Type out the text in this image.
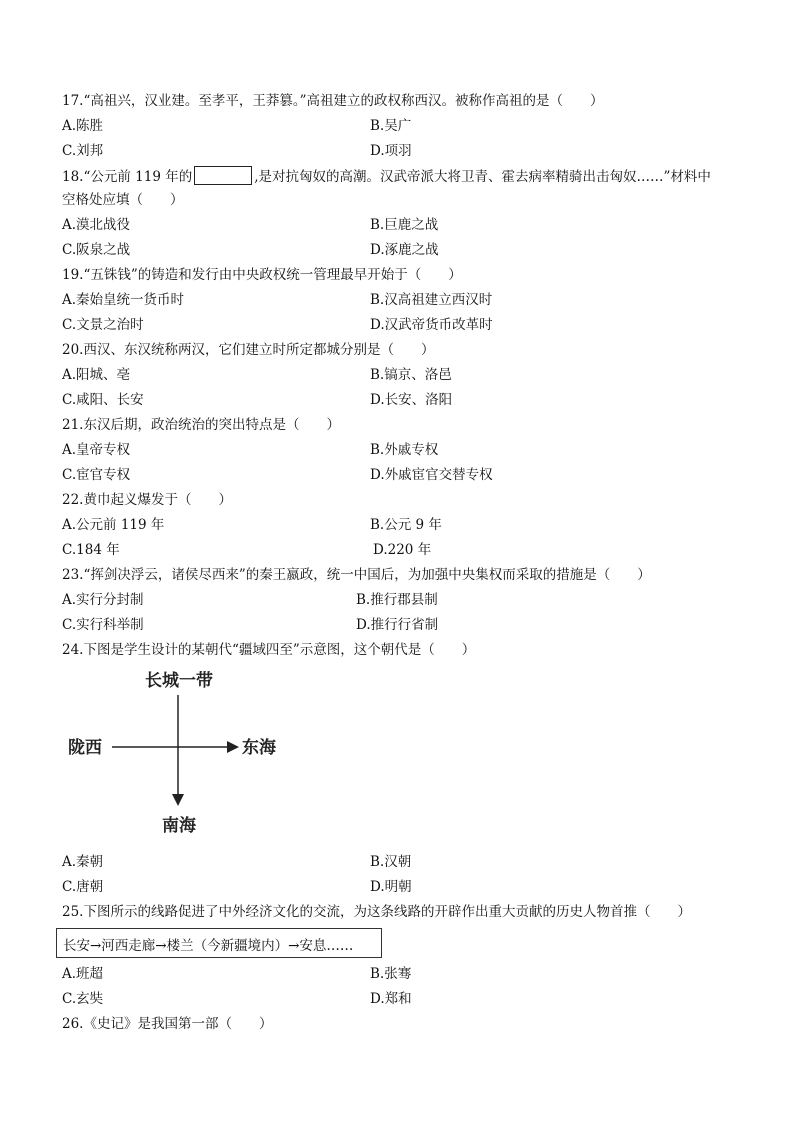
17.“高祖兴，汉业建。至孝平，王莽篡。”高祖建立的政权称西汉。被称作高祖的是（　　）
A.陈胜	B.吴广
C.刘邦	D.项羽
18.“公元前 119 年的	,是对抗匈奴的高潮。汉武帝派大将卫青、霍去病率精骑出击匈奴……”材料中
空格处应填（　　）
A.漠北战役	B.巨鹿之战
C.阪泉之战	D.涿鹿之战
19.“五铢钱”的铸造和发行由中央政权统一管理最早开始于（　　）
A.秦始皇统一货币时	B.汉高祖建立西汉时
C.文景之治时	D.汉武帝货币改革时
20.西汉、东汉统称两汉，它们建立时所定都城分别是（　　）
A.阳城、亳	B.镐京、洛邑
C.咸阳、长安	D.长安、洛阳
21.东汉后期，政治统治的突出特点是（　　）
A.皇帝专权	B.外戚专权
C.宦官专权	D.外戚宦官交替专权
22.黄巾起义爆发于（　　）
A.公元前 119 年	B.公元 9 年
C.184 年	D.220 年
23.“挥剑决浮云，诸侯尽西来”的秦王嬴政，统一中国后，为加强中央集权而采取的措施是（　　）
A.实行分封制	B.推行郡县制
C.实行科举制	D.推行行省制
24.下图是学生设计的某朝代“疆域四至”示意图，这个朝代是（　　）
长城一带
陇西	东海
南海
A.秦朝	B.汉朝
C.唐朝	D.明朝
25.下图所示的线路促进了中外经济文化的交流，为这条线路的开辟作出重大贡献的历史人物首推（　　）
长安→河西走廊→楼兰（今新疆境内）→安息……
A.班超	B.张骞
C.玄奘	D.郑和
26.《史记》是我国第一部（　　）
